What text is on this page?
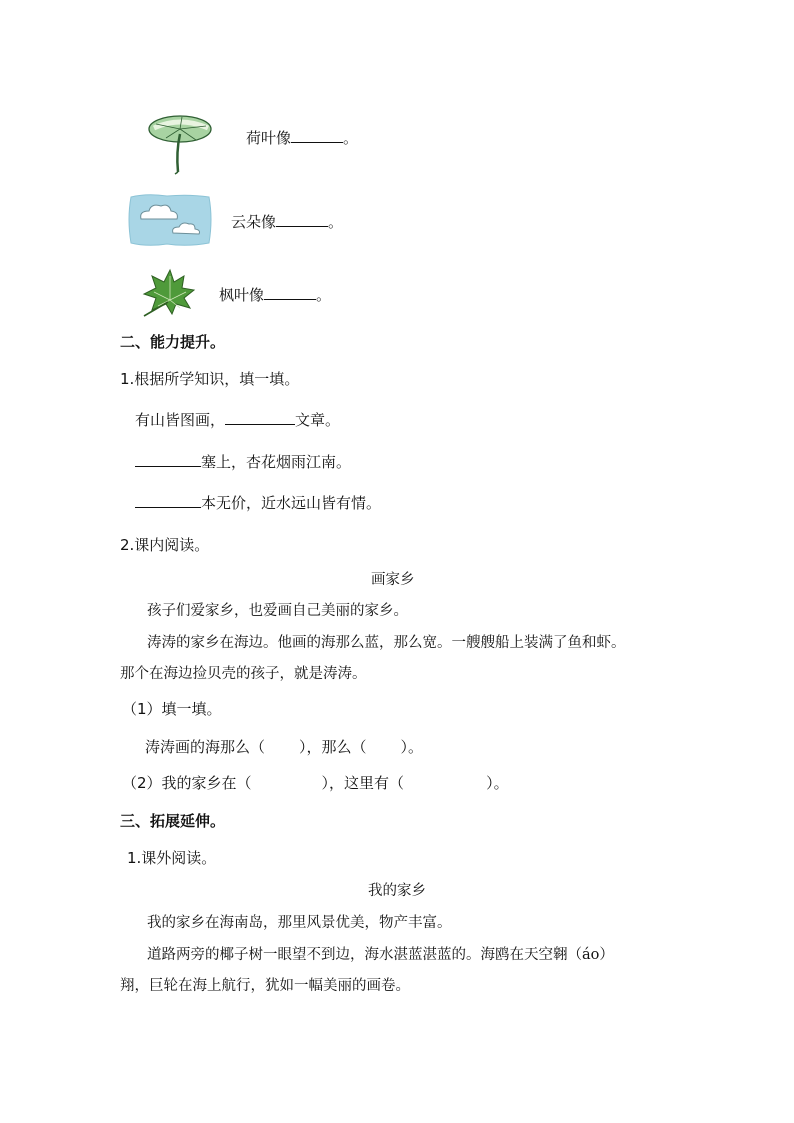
荷叶像	。
云朵像	。
枫叶像	。
二、能力提升。
1.根据所学知识，填一填。
有山皆图画，	文章。
塞上，杏花烟雨江南。
本无价，近水远山皆有情。
2.课内阅读。
画家乡
孩子们爱家乡，也爱画自己美丽的家乡。
涛涛的家乡在海边。他画的海那么蓝，那么宽。一艘艘船上装满了鱼和虾。
那个在海边捡贝壳的孩子，就是涛涛。
（1）填一填。
涛涛画的海那么（ ），那么（ ）。
（2）我的家乡在（	），这里有（	）。
三、拓展延伸。
1.课外阅读。
我的家乡
我的家乡在海南岛，那里风景优美，物产丰富。
道路两旁的椰子树一眼望不到边，海水湛蓝湛蓝的。海鸥在天空翱（áo）
翔，巨轮在海上航行，犹如一幅美丽的画卷。
